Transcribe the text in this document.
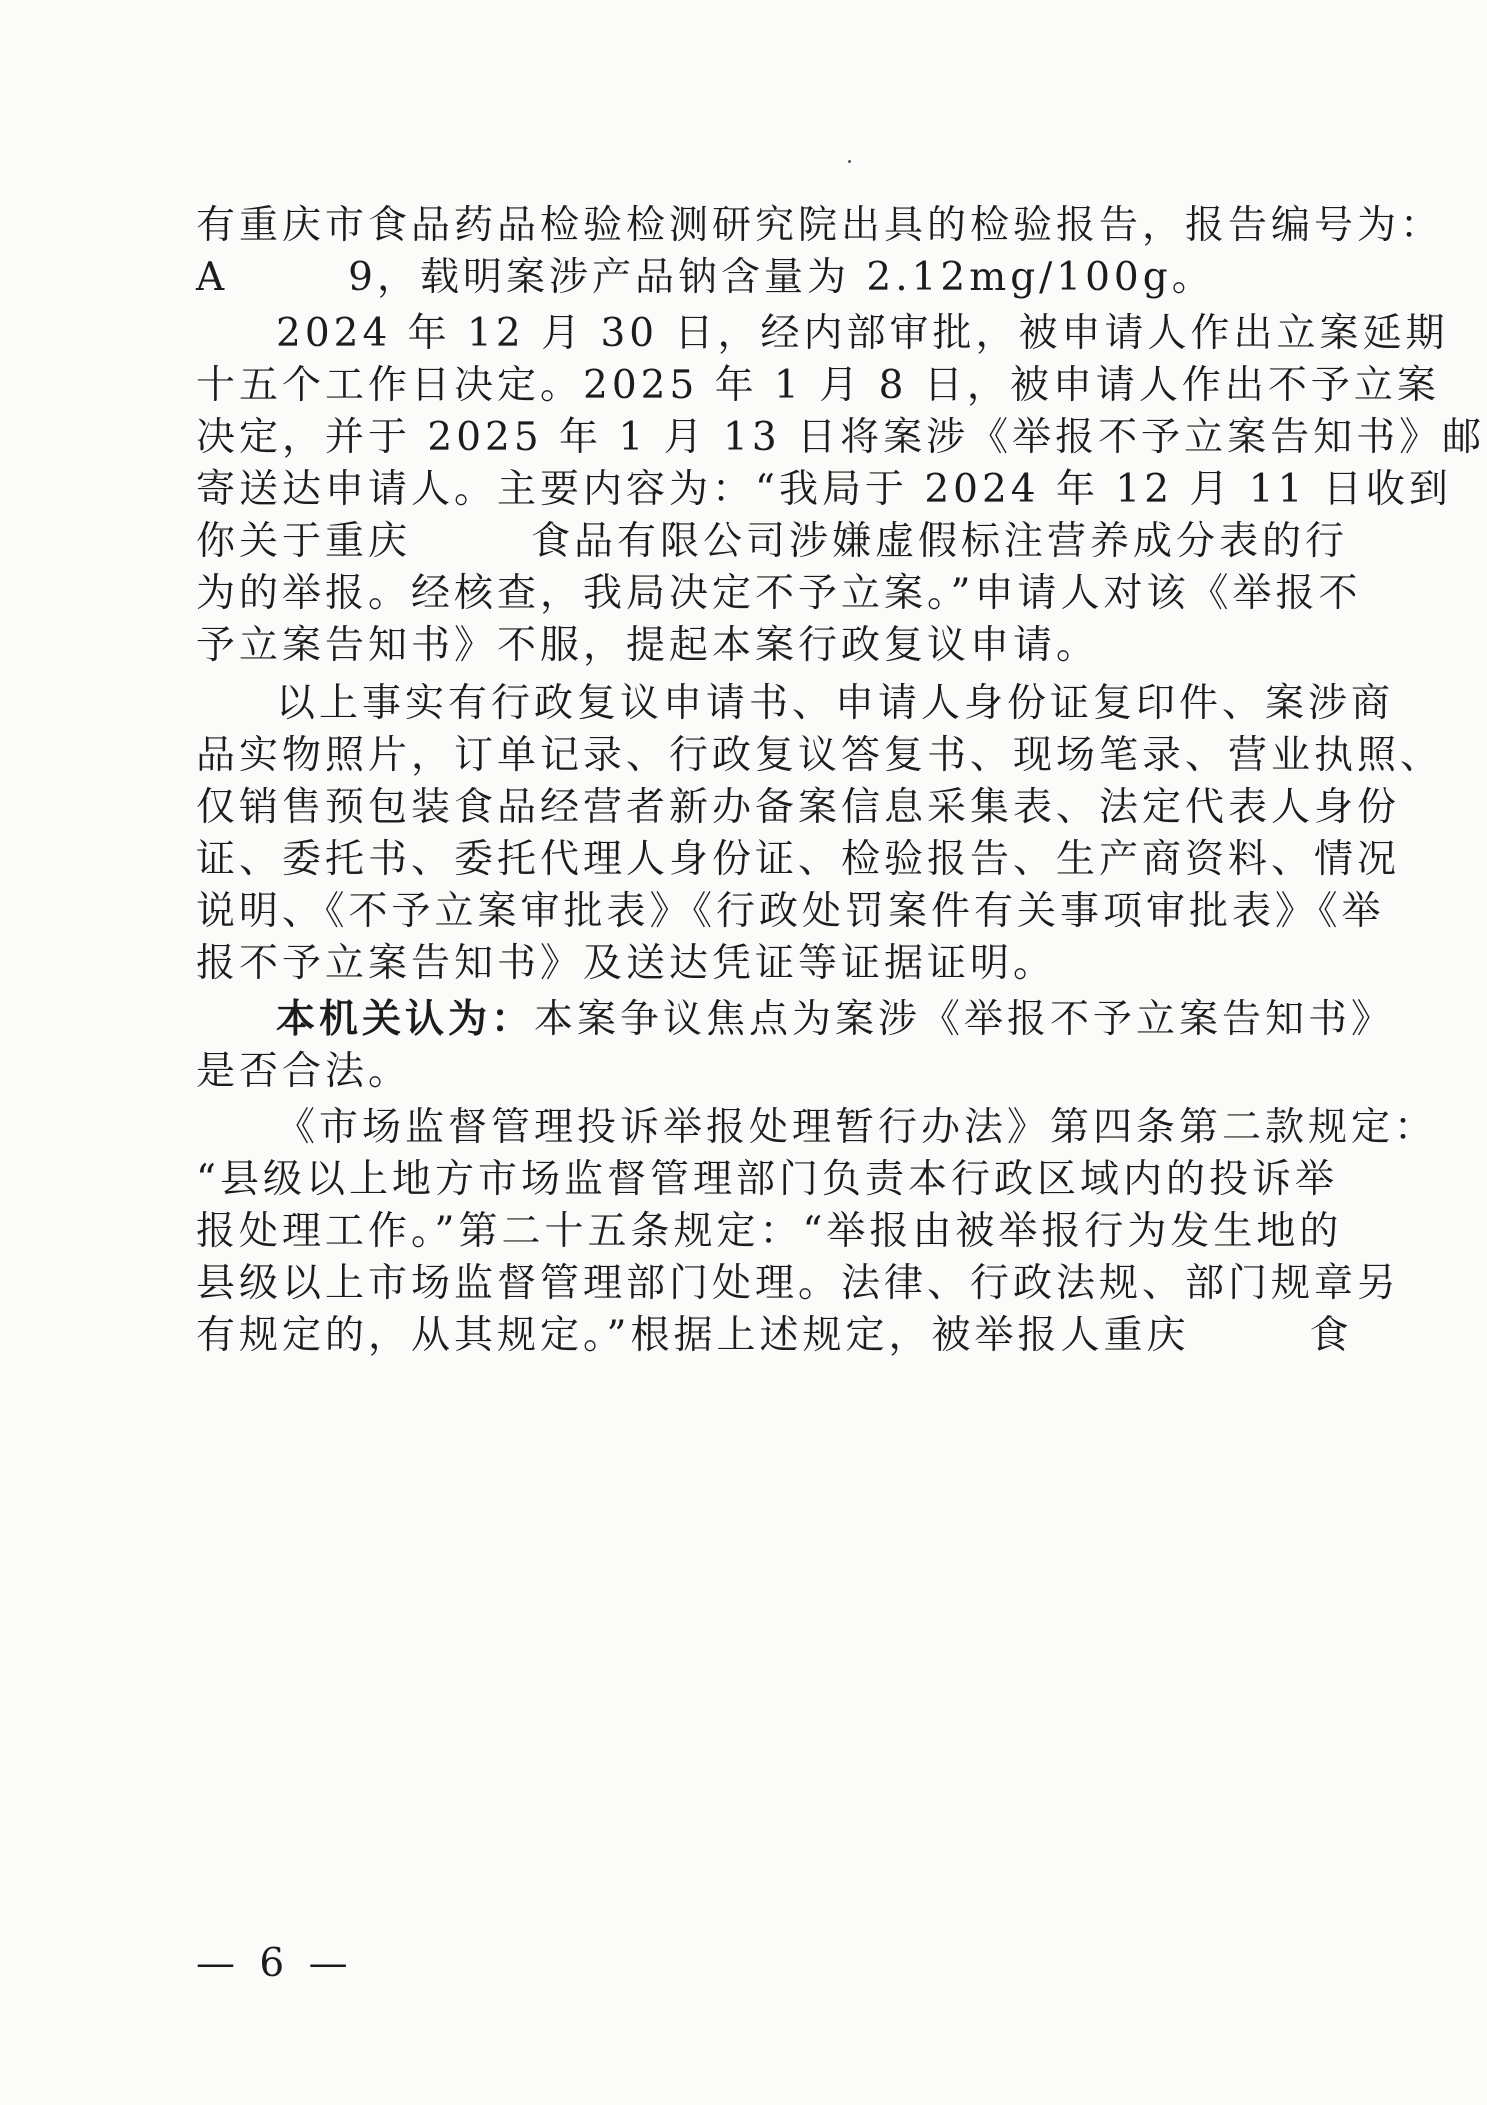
有重庆市食品药品检验检测研究院出具的检验报告，报告编号为：
A	9，载明案涉产品钠含量为 2.12mg/100g。
2024 年 12 月 30 日，经内部审批，被申请人作出立案延期
十五个工作日决定。2025 年 1 月 8 日，被申请人作出不予立案
决定，并于 2025 年 1 月 13 日将案涉《举报不予立案告知书》邮
寄送达申请人。主要内容为：“我局于 2024 年 12 月 11 日收到
你关于重庆	食品有限公司涉嫌虚假标注营养成分表的行
为的举报。经核查，我局决定不予立案。”申请人对该《举报不
予立案告知书》不服，提起本案行政复议申请。
以上事实有行政复议申请书、申请人身份证复印件、案涉商
品实物照片，订单记录、行政复议答复书、现场笔录、营业执照、
仅销售预包装食品经营者新办备案信息采集表、法定代表人身份
证、委托书、委托代理人身份证、检验报告、生产商资料、情况
说明、《不予立案审批表》《行政处罚案件有关事项审批表》《举
报不予立案告知书》及送达凭证等证据证明。
本机关认为：本案争议焦点为案涉《举报不予立案告知书》
是否合法。
《市场监督管理投诉举报处理暂行办法》第四条第二款规定：
“县级以上地方市场监督管理部门负责本行政区域内的投诉举
报处理工作。”第二十五条规定：“举报由被举报行为发生地的
县级以上市场监督管理部门处理。法律、行政法规、部门规章另
有规定的，从其规定。”根据上述规定，被举报人重庆	食
— 6 —
